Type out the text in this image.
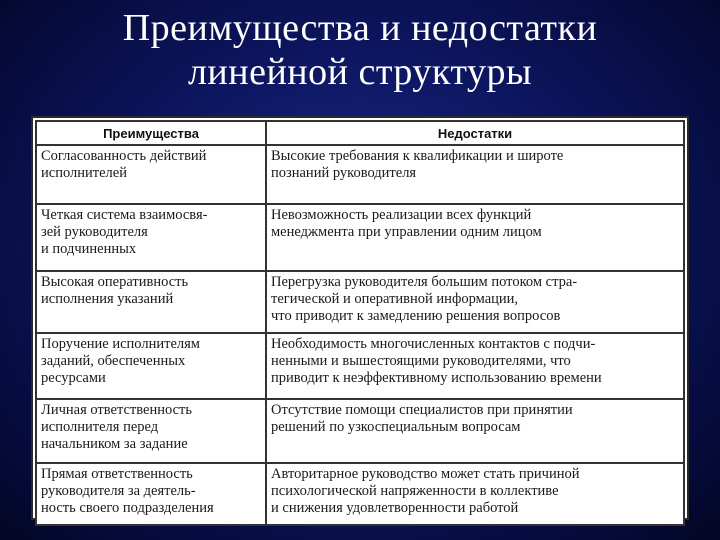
Преимущества и недостатки
линейной структуры
Преимущества	Недостатки

Согласованность действий
исполнителей	Высокие требования к квалификации и широте
познаний руководителя

Четкая система взаимосвя-
зей руководителя
и подчиненных	Невозможность реализации всех функций
менеджмента при управлении одним лицом

Высокая оперативность
исполнения указаний	Перегрузка руководителя большим потоком стра-
тегической и оперативной информации,
что приводит к замедлению решения вопросов

Поручение исполнителям
заданий, обеспеченных
ресурсами	Необходимость многочисленных контактов с подчи-
ненными и вышестоящими руководителями, что
приводит к неэффективному использованию времени

Личная ответственность
исполнителя перед
начальником за задание	Отсутствие помощи специалистов при принятии
решений по узкоспециальным вопросам

Прямая ответственность
руководителя за деятель-
ность своего подразделения	Авторитарное руководство может стать причиной
психологической напряженности в коллективе
и снижения удовлетворенности работой
